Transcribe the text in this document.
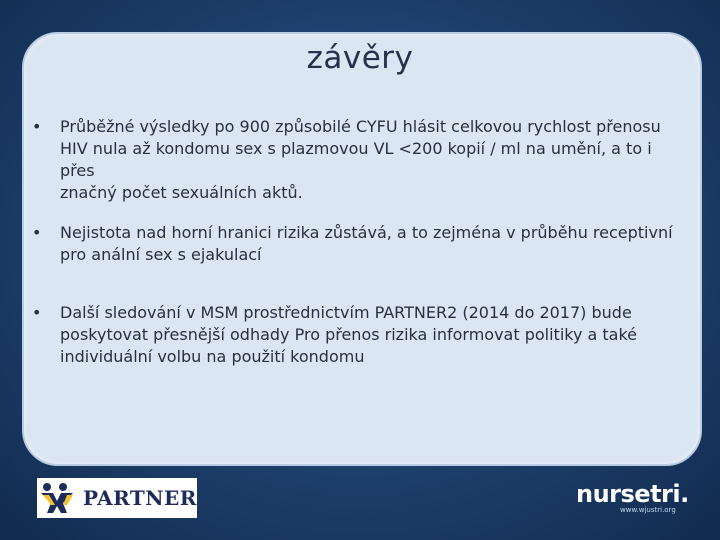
závěry
• Průběžné výsledky po 900 způsobilé CYFU hlásit celkovou rychlost přenosu
HIV nula až kondomu sex s plazmovou VL <200 kopií / ml na umění, a to i přes
značný počet sexuálních aktů.
• Nejistota nad horní hranici rizika zůstává, a to zejména v průběhu receptivní
pro anální sex s ejakulací
• Další sledování v MSM prostřednictvím PARTNER2 (2014 do 2017) bude
poskytovat přesnější odhady Pro přenos rizika informovat politiky a také
individuální volbu na použití kondomu
PARTNER	nursetri.
www.wjustri.org
